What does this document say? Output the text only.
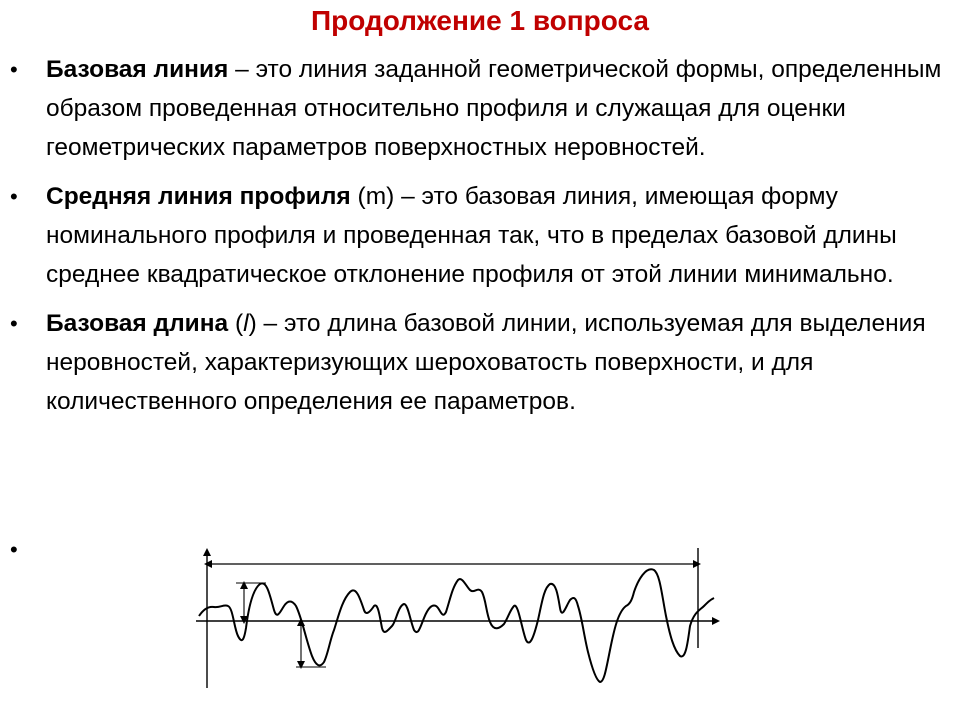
Продолжение 1 вопроса
• Базовая линия – это линия заданной геометрической формы, определенным образом проведенная относительно профиля и служащая для оценки геометрических параметров поверхностных неровностей.
• Средняя линия профиля (m) – это базовая линия, имеющая форму номинального профиля и проведенная так, что в пределах базовой длины среднее квадратическое отклонение профиля от этой линии минимально.
• Базовая длина (l) – это длина базовой линии, используемая для выделения неровностей, характеризующих шероховатость поверхности, и для количественного определения ее параметров.
•
